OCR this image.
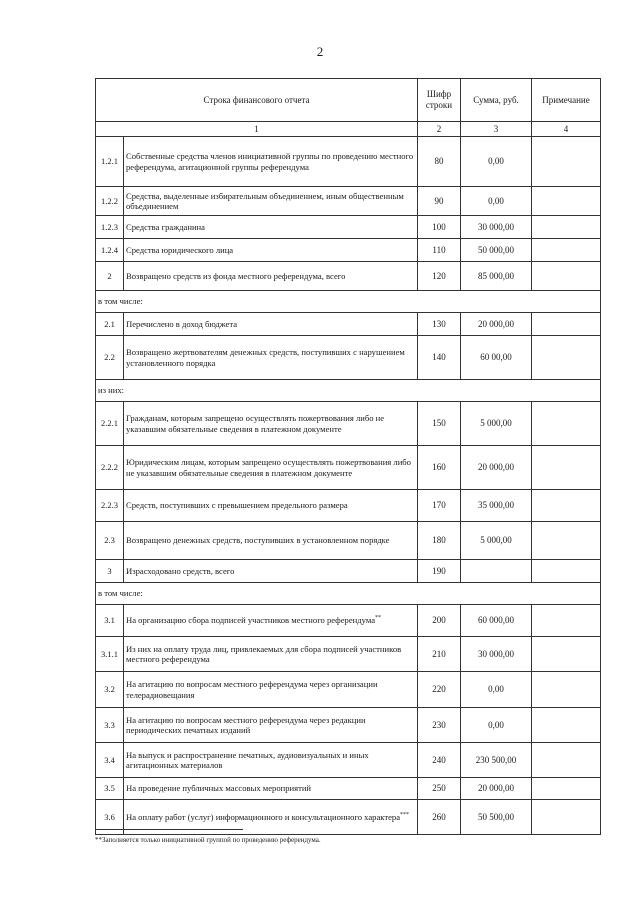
2
Строка финансового отчета		Шифр строки	Сумма, руб.	Примечание
1		2	3	4
1.2.1	Собственные средства членов инициативной группы по проведению местного референдума, агитационной группы референдума	80	0,00	
1.2.2	Средства, выделенные избирательным объединением, иным общественным объединением	90	0,00	
1.2.3	Средства гражданина	100	30 000,00	
1.2.4	Средства юридического лица	110	50 000,00	
2	Возвращено средств из фонда местного референдума, всего	120	85 000,00	
в том числе:				
2.1	Перечислено в доход бюджета	130	20 000,00	
2.2	Возвращено жертвователям денежных средств, поступивших с нарушением установленного порядка	140	60 00,00	
из них:				
2.2.1	Гражданам, которым запрещено осуществлять пожертвования либо не указавшим обязательные сведения в платежном документе	150	5 000,00	
2.2.2	Юридическим лицам, которым запрещено осуществлять пожертвования либо не указавшим обязательные сведения в платежном документе	160	20 000,00	
2.2.3	Средств, поступивших с превышением предельного размера	170	35 000,00	
2.3	Возвращено денежных средств, поступивших в установленном порядке	180	5 000,00	
3	Израсходовано средств, всего	190		
в том числе:				
3.1	На организацию сбора подписей участников местного референдума**	200	60 000,00	
3.1.1	Из них на оплату труда лиц, привлекаемых для сбора подписей участников местного референдума	210	30 000,00	
3.2	На агитацию по вопросам местного референдума через организации телерадиовещания	220	0,00	
3.3	На агитацию по вопросам местного референдума через редакции периодических печатных изданий	230	0,00	
3.4	На выпуск и распространение печатных, аудиовизуальных и иных агитационных материалов	240	230 500,00	
3.5	На проведение публичных массовых мероприятий	250	20 000,00	
3.6	На оплату работ (услуг) информационного и консультационного характера***	260	50 500,00	
**Заполняется только инициативной группой по проведению референдума.
